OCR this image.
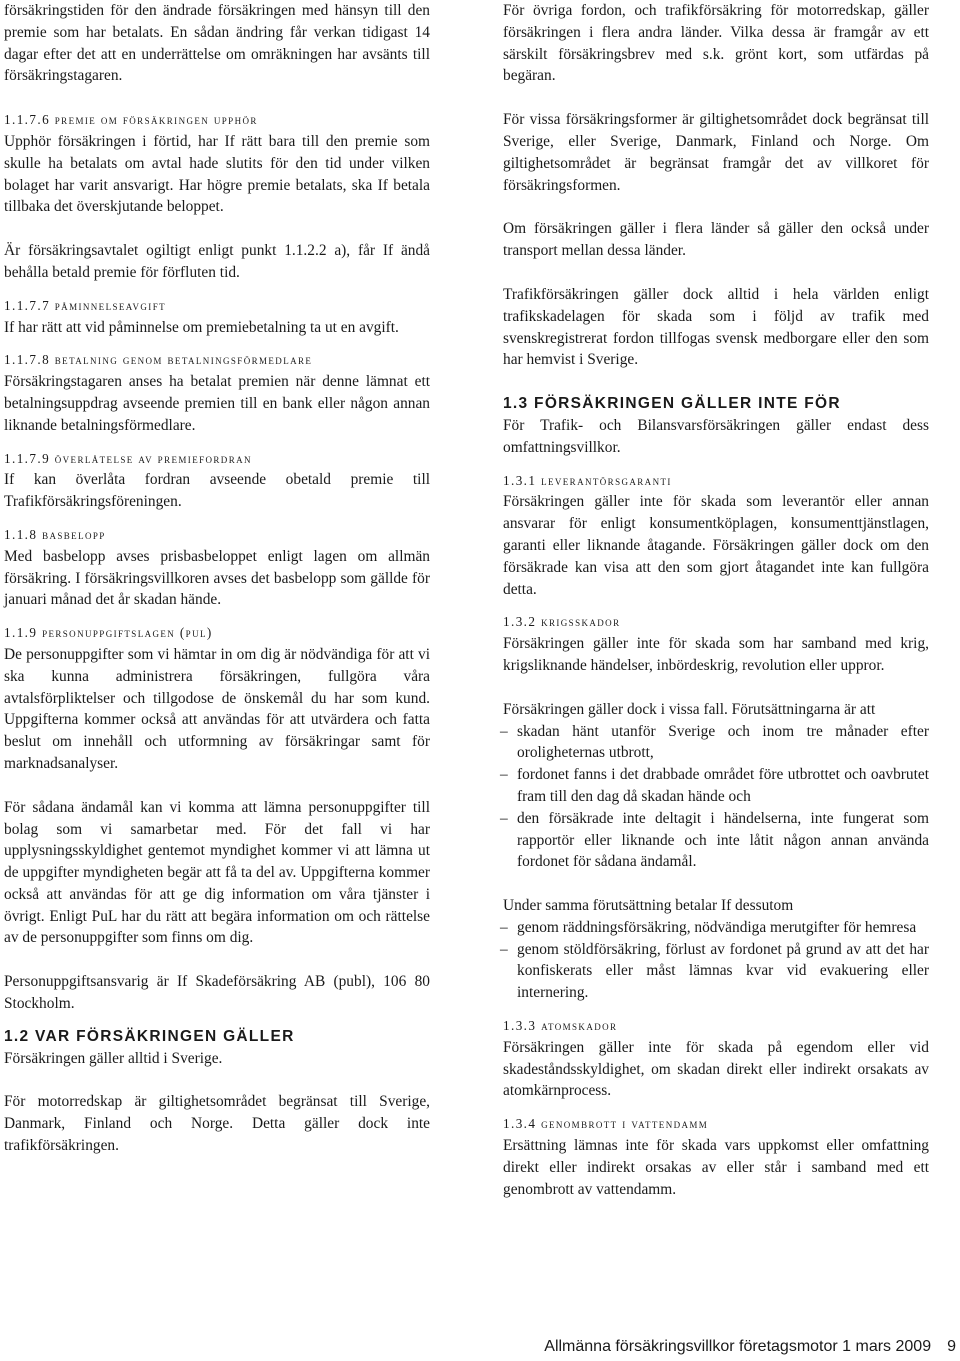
försäkringstiden för den ändrade försäkringen med hänsyn till den premie som har betalats. En sådan ändring får verkan tidigast 14 dagar efter det att en underrättelse om omräkningen har avsänts till försäkringstagaren.

1.1.7.6 premie om försäkringen upphör

Upphör försäkringen i förtid, har If rätt bara till den premie som skulle ha betalats om avtal hade slutits för den tid under vilken bolaget har varit ansvarigt. Har högre premie betalats, ska If betala tillbaka det överskjutande beloppet.

Är försäkringsavtalet ogiltigt enligt punkt 1.1.2.2 a), får If ändå behålla betald premie för förfluten tid.

1.1.7.7 påminnelseavgift

If har rätt att vid påminnelse om premiebetalning ta ut en avgift.

1.1.7.8 betalning genom betalningsförmedlare

Försäkringstagaren anses ha betalat premien när denne lämnat ett betalningsuppdrag avseende premien till en bank eller någon annan liknande betalningsförmedlare.

1.1.7.9 överlåtelse av premiefordran

If kan överlåta fordran avseende obetald premie till Trafikförsäkringsföreningen.

1.1.8 basbelopp

Med basbelopp avses prisbasbeloppet enligt lagen om allmän försäkring. I försäkringsvillkoren avses det basbelopp som gällde för januari månad det år skadan hände.

1.1.9 personuppgiftslagen (pul)

De personuppgifter som vi hämtar in om dig är nödvändiga för att vi ska kunna administrera försäkringen, fullgöra våra avtalsförpliktelser och tillgodose de önskemål du har som kund. Uppgifterna kommer också att användas för att utvärdera och fatta beslut om innehåll och utformning av försäkringar samt för marknadsanalyser.

För sådana ändamål kan vi komma att lämna personuppgifter till bolag som vi samarbetar med. För det fall vi har upplysningsskyldighet gentemot myndighet kommer vi att lämna ut de uppgifter myndigheten begär att få ta del av. Uppgifterna kommer också att användas för att ge dig information om våra tjänster i övrigt. Enligt PuL har du rätt att begära information om och rättelse av de personuppgifter som finns om dig.

Personuppgiftsansvarig är If Skadeförsäkring AB (publ), 106 80 Stockholm.

1.2 VAR FÖRSÄKRINGEN GÄLLER

Försäkringen gäller alltid i Sverige.

För motorredskap är giltighetsområdet begränsat till Sverige, Danmark, Finland och Norge. Detta gäller dock inte trafikförsäkringen.

För övriga fordon, och trafikförsäkring för motorredskap, gäller försäkringen i flera andra länder. Vilka dessa är framgår av ett särskilt försäkringsbrev med s.k. grönt kort, som utfärdas på begäran.

För vissa försäkringsformer är giltighetsområdet dock begränsat till Sverige, eller Sverige, Danmark, Finland och Norge. Om giltighetsområdet är begränsat framgår det av villkoret för försäkringsformen.

Om försäkringen gäller i flera länder så gäller den också under transport mellan dessa länder.

Trafikförsäkringen gäller dock alltid i hela världen enligt trafikskadelagen för skada som i följd av trafik med svenskregistrerat fordon tillfogas svensk medborgare eller den som har hemvist i Sverige.

1.3 FÖRSÄKRINGEN GÄLLER INTE FÖR

För Trafik- och Bilansvarsförsäkringen gäller endast dess omfattningsvillkor.

1.3.1 leverantörsgaranti

Försäkringen gäller inte för skada som leverantör eller annan ansvarar för enligt konsumentköplagen, konsumenttjänstlagen, garanti eller liknande åtagande. Försäkringen gäller dock om den försäkrade kan visa att den som gjort åtagandet inte kan fullgöra detta.

1.3.2 krigsskador

Försäkringen gäller inte för skada som har samband med krig, krigsliknande händelser, inbördeskrig, revolution eller uppror.

Försäkringen gäller dock i vissa fall. Förutsättningarna är att

– skadan hänt utanför Sverige och inom tre månader efter oroligheternas utbrott,
– fordonet fanns i det drabbade området före utbrottet och oavbrutet fram till den dag då skadan hände och
– den försäkrade inte deltagit i händelserna, inte fungerat som rapportör eller liknande och inte låtit någon annan använda fordonet för sådana ändamål.

Under samma förutsättning betalar If dessutom

– genom räddningsförsäkring, nödvändiga merutgifter för hemresa
– genom stöldförsäkring, förlust av fordonet på grund av att det har konfiskerats eller måst lämnas kvar vid evakuering eller internering.
1.3.3 atomskador

Försäkringen gäller inte för skada på egendom eller vid skadeståndsskyldighet, om skadan direkt eller indirekt orsakats av atomkärnprocess.

1.3.4 genombrott i vattendamm

Ersättning lämnas inte för skada vars uppkomst eller omfattning direkt eller indirekt orsakas av eller står i samband med ett genombrott av vattendamm.

Allmänna försäkringsvillkor företagsmotor 1 mars 2009 9
